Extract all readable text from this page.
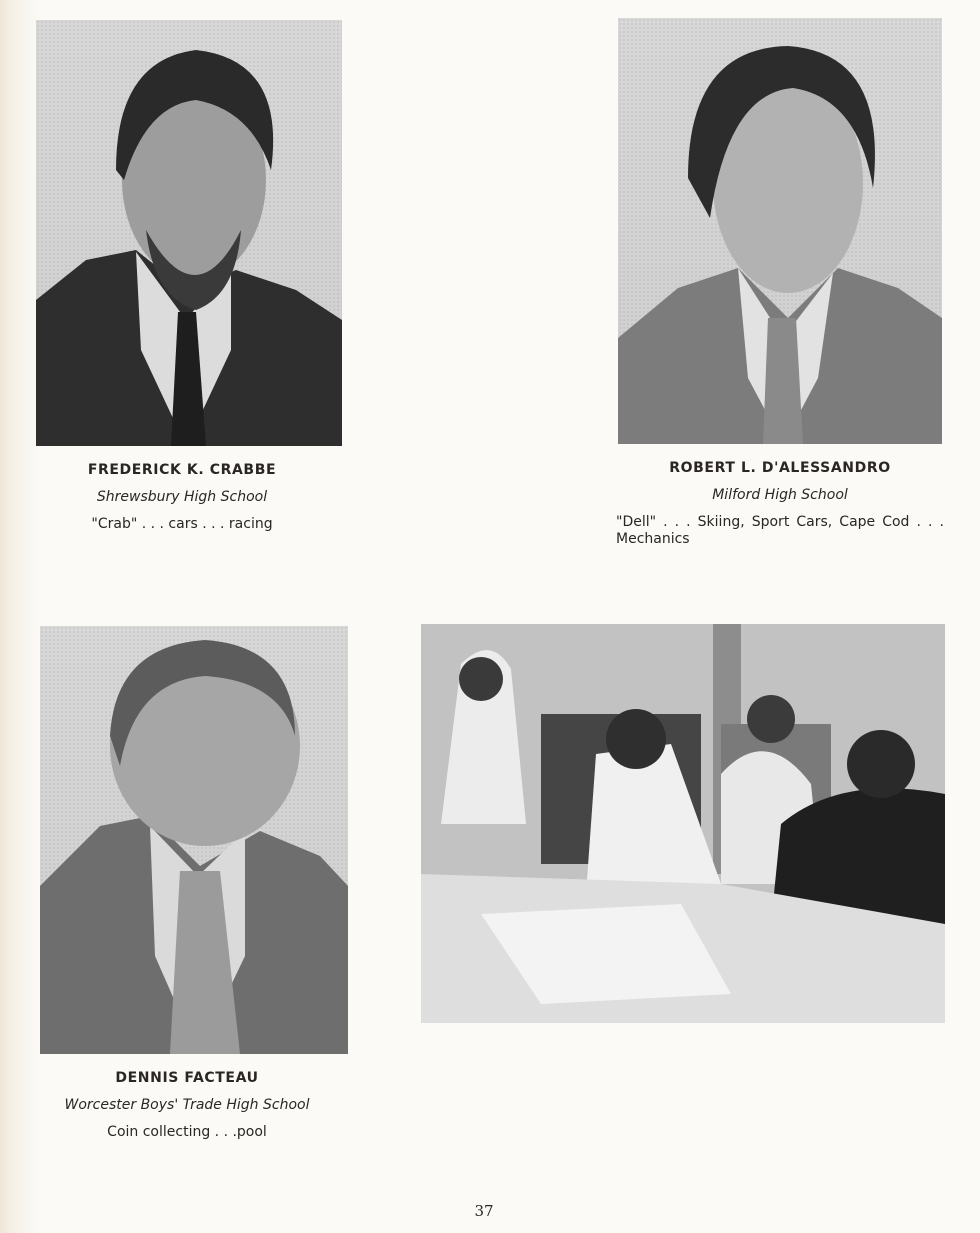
FREDERICK K. CRABBE
Shrewsbury High School
"Crab" . . . cars . . . racing
ROBERT L. D'ALESSANDRO
Milford High School
"Dell" . . . Skiing, Sport Cars, Cape Cod . . . Mechanics
DENNIS FACTEAU
Worcester Boys' Trade High School
Coin collecting . . .pool
37
